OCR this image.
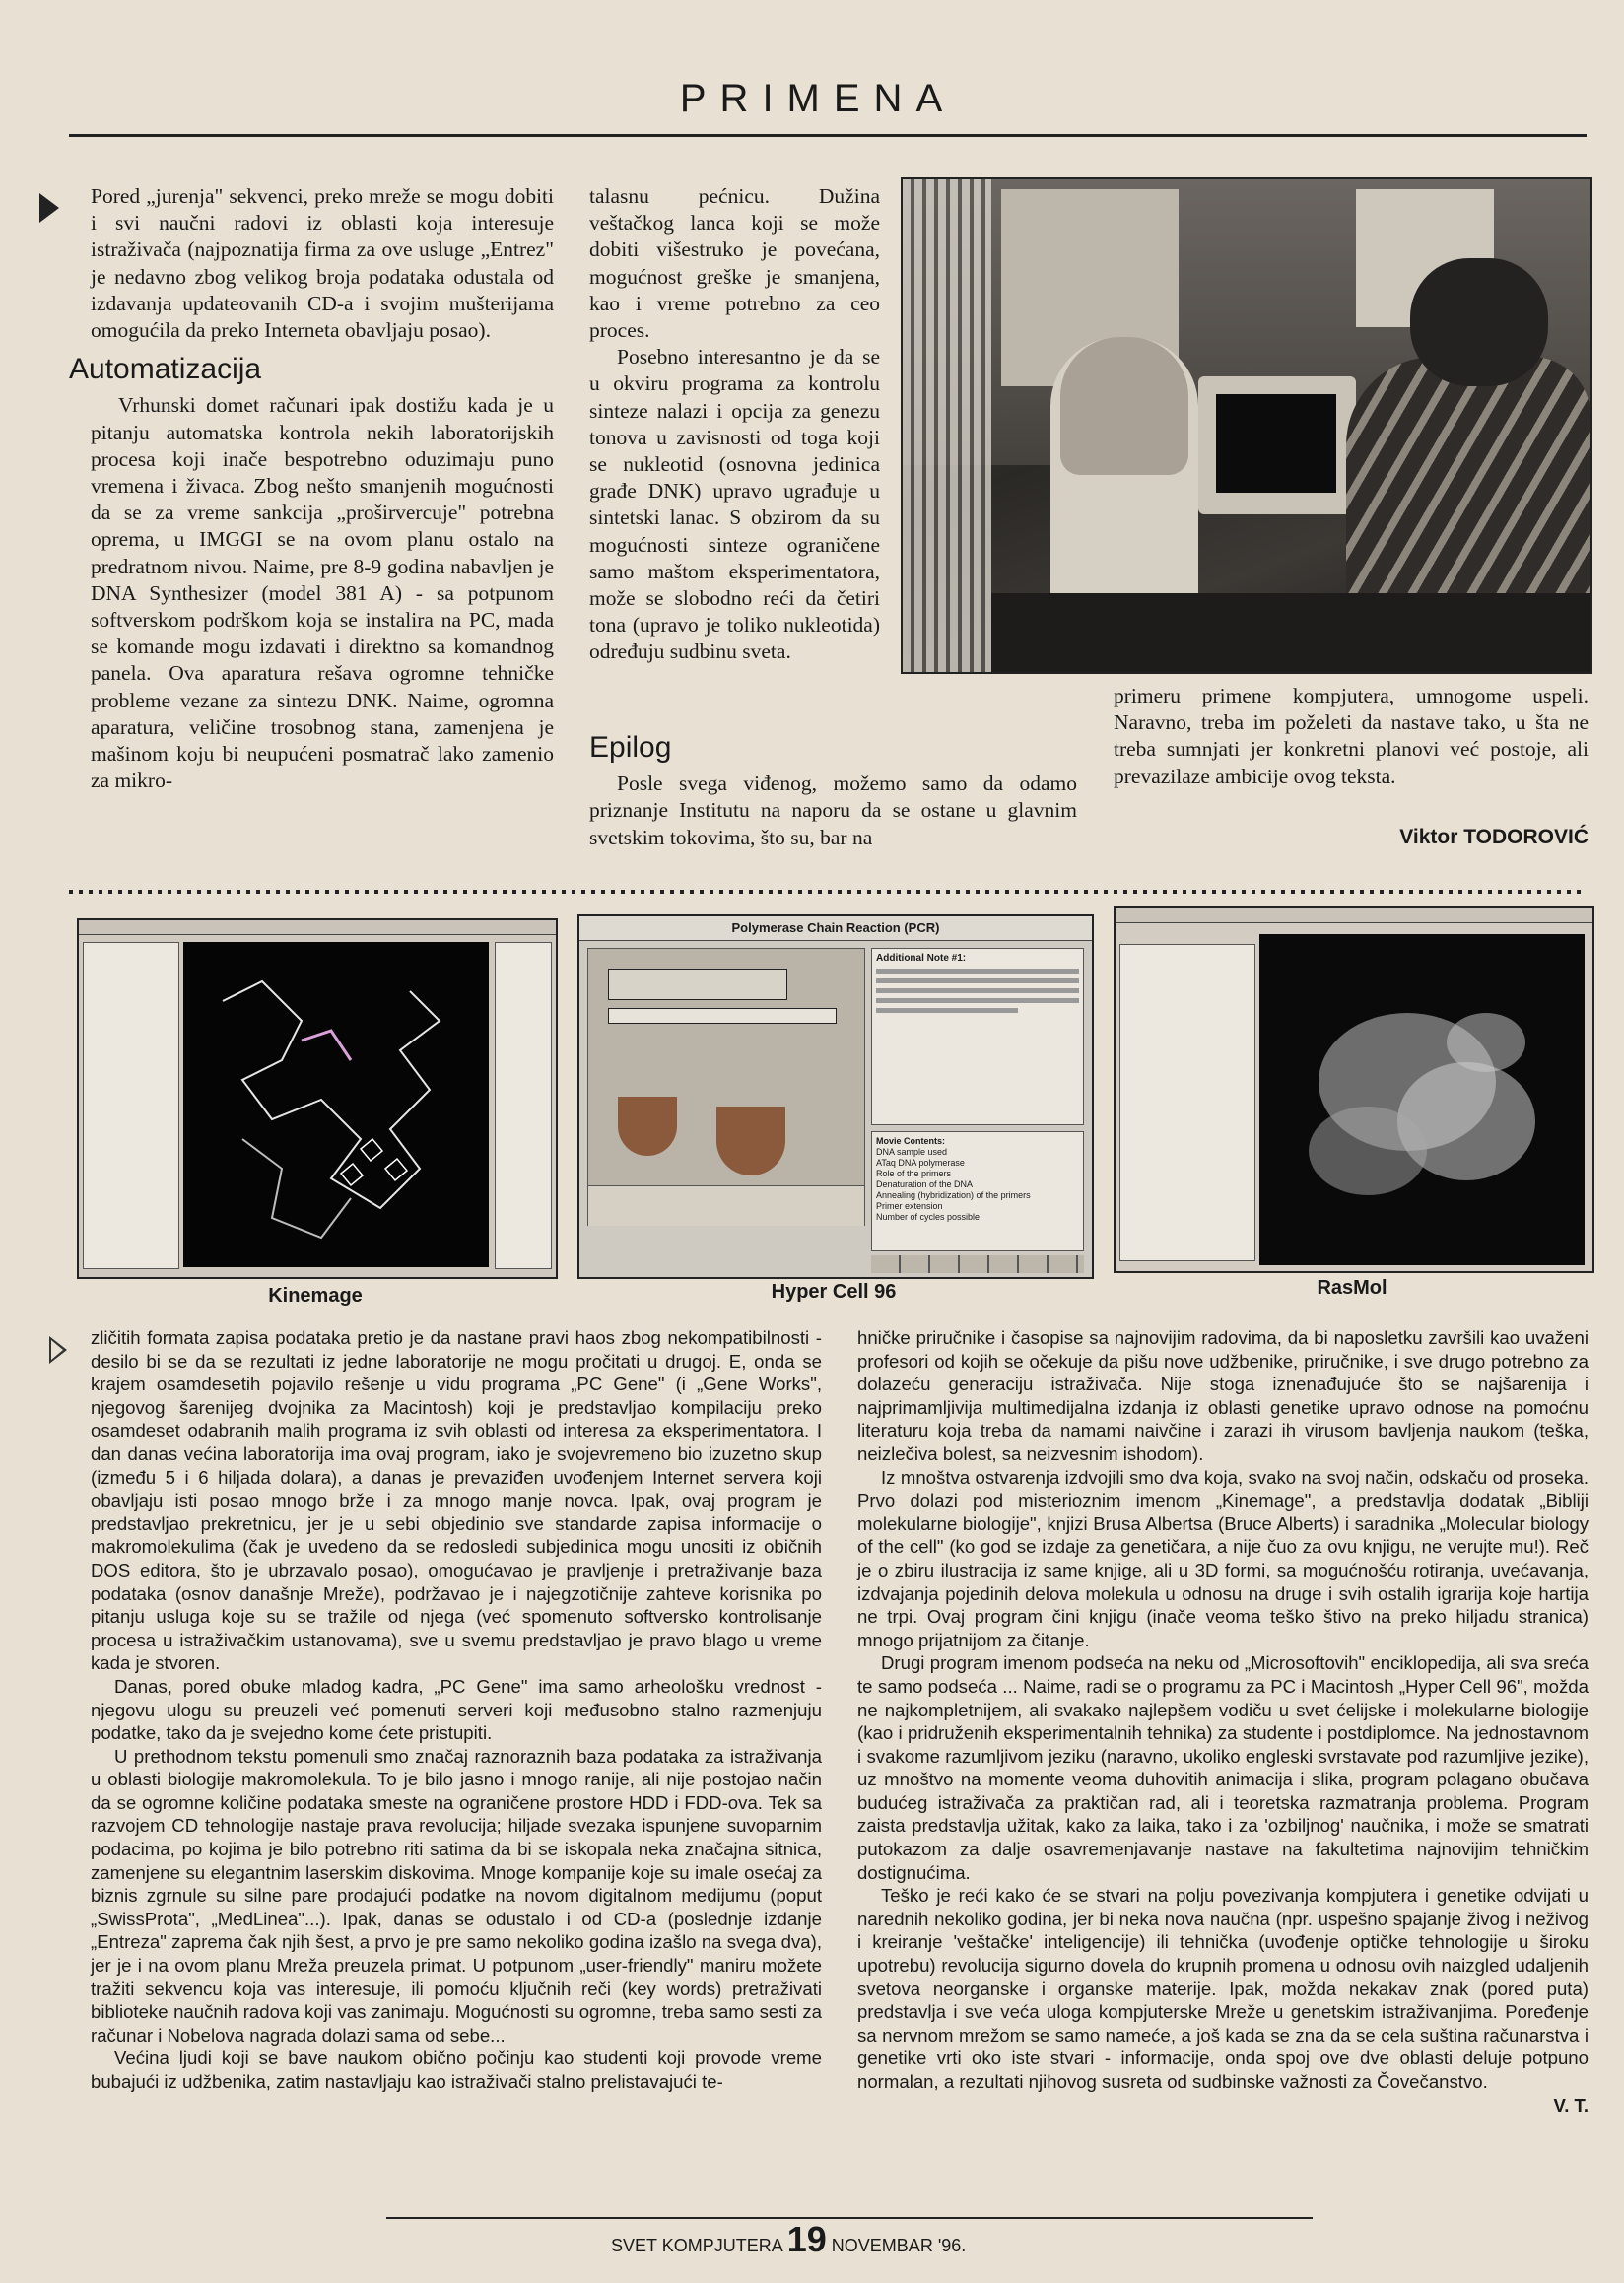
PRIMENA

Pored „jurenja" sekvenci, preko mreže se mogu dobiti i svi naučni radovi iz oblasti koja interesuje istraživača (najpoznatija firma za ove usluge „Entrez" je nedavno zbog velikog broja podataka odustala od izdavanja updateovanih CD-a i svojim mušterijama omogućila da preko Interneta obavljaju posao).

Automatizacija

Vrhunski domet računari ipak dostižu kada je u pitanju automatska kontrola nekih laboratorijskih procesa koji inače bespotrebno oduzimaju puno vremena i živaca. Zbog nešto smanjenih mogućnosti da se za vreme sankcija „proširvercuje" potrebna oprema, u IMGGI se na ovom planu ostalo na predratnom nivou. Naime, pre 8-9 godina nabavljen je DNA Synthesizer (model 381 A) - sa potpunom softverskom podrškom koja se instalira na PC, mada se komande mogu izdavati i direktno sa komandnog panela. Ova aparatura rešava ogromne tehničke probleme vezane za sintezu DNK. Naime, ogromna aparatura, veličine trosobnog stana, zamenjena je mašinom koju bi neupućeni posmatrač lako zamenio za mikro-

talasnu pećnicu. Dužina veštačkog lanca koji se može dobiti višestruko je povećana, mogućnost greške je smanjena, kao i vreme potrebno za ceo proces.

Posebno interesantno je da se u okviru programa za kontrolu sinteze nalazi i opcija za genezu tonova u zavisnosti od toga koji se nukleotid (osnovna jedinica građe DNK) upravo ugrađuje u sintetski lanac. S obzirom da su mogućnosti sinteze ograničene samo maštom eksperimentatora, može se slobodno reći da četiri tona (upravo je toliko nukleotida) određuju sudbinu sveta.

Epilog

Posle svega viđenog, možemo samo da odamo priznanje Institutu na naporu da se ostane u glavnim svetskim tokovima, što su, bar na

primeru primene kompjutera, umnogome uspeli. Naravno, treba im poželeti da nastave tako, u šta ne treba sumnjati jer konkretni planovi već postoje, ali prevazilaze ambicije ovog teksta.

Viktor TODOROVIĆ
Kinemage
Polymerase Chain Reaction (PCR)
Additional Note #1:
Movie Contents:
DNA sample used
ATaq DNA polymerase
Role of the primers
Denaturation of the DNA
Annealing (hybridization) of the primers
Primer extension
Number of cycles possible
Hyper Cell 96	RasMol

zličitih formata zapisa podataka pretio je da nastane pravi haos zbog nekompatibilnosti - desilo bi se da se rezultati iz jedne laboratorije ne mogu pročitati u drugoj. E, onda se krajem osamdesetih pojavilo rešenje u vidu programa „PC Gene" (i „Gene Works", njegovog šarenijeg dvojnika za Macintosh) koji je predstavljao kompilaciju preko osamdeset odabranih malih programa iz svih oblasti od interesa za eksperimentatora. I dan danas većina laboratorija ima ovaj program, iako je svojevremeno bio izuzetno skup (između 5 i 6 hiljada dolara), a danas je prevaziđen uvođenjem Internet servera koji obavljaju isti posao mnogo brže i za mnogo manje novca. Ipak, ovaj program je predstavljao prekretnicu, jer je u sebi objedinio sve standarde zapisa informacije o makromolekulima (čak je uvedeno da se redosledi subjedinica mogu unositi iz običnih DOS editora, što je ubrzavalo posao), omogućavao je pravljenje i pretraživanje baza podataka (osnov današnje Mreže), podržavao je i najegzotičnije zahteve korisnika po pitanju usluga koje su se tražile od njega (već spomenuto softversko kontrolisanje procesa u istraživačkim ustanovama), sve u svemu predstavljao je pravo blago u vreme kada je stvoren.

Danas, pored obuke mladog kadra, „PC Gene" ima samo arheološku vrednost - njegovu ulogu su preuzeli već pomenuti serveri koji međusobno stalno razmenjuju podatke, tako da je svejedno kome ćete pristupiti.

U prethodnom tekstu pomenuli smo značaj raznoraznih baza podataka za istraživanja u oblasti biologije makromolekula. To je bilo jasno i mnogo ranije, ali nije postojao način da se ogromne količine podataka smeste na ograničene prostore HDD i FDD-ova. Tek sa razvojem CD tehnologije nastaje prava revolucija; hiljade svezaka ispunjene suvoparnim podacima, po kojima je bilo potrebno riti satima da bi se iskopala neka značajna sitnica, zamenjene su elegantnim laserskim diskovima. Mnoge kompanije koje su imale osećaj za biznis zgrnule su silne pare prodajući podatke na novom digitalnom medijumu (poput „SwissProta", „MedLinea"...). Ipak, danas se odustalo i od CD-a (poslednje izdanje „Entreza" zaprema čak njih šest, a prvo je pre samo nekoliko godina izašlo na svega dva), jer je i na ovom planu Mreža preuzela primat. U potpunom „user-friendly" maniru možete tražiti sekvencu koja vas interesuje, ili pomoću ključnih reči (key words) pretraživati biblioteke naučnih radova koji vas zanimaju. Mogućnosti su ogromne, treba samo sesti za računar i Nobelova nagrada dolazi sama od sebe...

Većina ljudi koji se bave naukom obično počinju kao studenti koji provode vreme bubajući iz udžbenika, zatim nastavljaju kao istraživači stalno prelistavajući te-

hničke priručnike i časopise sa najnovijim radovima, da bi naposletku završili kao uvaženi profesori od kojih se očekuje da pišu nove udžbenike, priručnike, i sve drugo potrebno za dolazeću generaciju istraživača. Nije stoga iznenađujuće što se najšarenija i najprimamljivija multimedijalna izdanja iz oblasti genetike upravo odnose na pomoćnu literaturu koja treba da namami naivčine i zarazi ih virusom bavljenja naukom (teška, neizlečiva bolest, sa neizvesnim ishodom).

Iz mnoštva ostvarenja izdvojili smo dva koja, svako na svoj način, odskaču od proseka. Prvo dolazi pod misterioznim imenom „Kinemage", a predstavlja dodatak „Bibliji molekularne biologije", knjizi Brusa Albertsa (Bruce Alberts) i saradnika „Molecular biology of the cell" (ko god se izdaje za genetičara, a nije čuo za ovu knjigu, ne verujte mu!). Reč je o zbiru ilustracija iz same knjige, ali u 3D formi, sa mogućnošću rotiranja, uvećavanja, izdvajanja pojedinih delova molekula u odnosu na druge i svih ostalih igrarija koje hartija ne trpi. Ovaj program čini knjigu (inače veoma teško štivo na preko hiljadu stranica) mnogo prijatnijom za čitanje.

Drugi program imenom podseća na neku od „Microsoftovih" enciklopedija, ali sva sreća te samo podseća ... Naime, radi se o programu za PC i Macintosh „Hyper Cell 96", možda ne najkompletnijem, ali svakako najlepšem vodiču u svet ćelijske i molekularne biologije (kao i pridruženih eksperimentalnih tehnika) za studente i postdiplomce. Na jednostavnom i svakome razumljivom jeziku (naravno, ukoliko engleski svrstavate pod razumljive jezike), uz mnoštvo na momente veoma duhovitih animacija i slika, program polagano obučava budućeg istraživača za praktičan rad, ali i teoretska razmatranja problema. Program zaista predstavlja užitak, kako za laika, tako i za 'ozbiljnog' naučnika, i može se smatrati putokazom za dalje osavremenjavanje nastave na fakultetima najnovijim tehničkim dostignućima.

Teško je reći kako će se stvari na polju povezivanja kompjutera i genetike odvijati u narednih nekoliko godina, jer bi neka nova naučna (npr. uspešno spajanje živog i neživog i kreiranje 'veštačke' inteligencije) ili tehnička (uvođenje optičke tehnologije u široku upotrebu) revolucija sigurno dovela do krupnih promena u odnosu ovih naizgled udaljenih svetova neorganske i organske materije. Ipak, možda nekakav znak (pored puta) predstavlja i sve veća uloga kompjuterske Mreže u genetskim istraživanjima. Poređenje sa nervnom mrežom se samo nameće, a još kada se zna da se cela suština računarstva i genetike vrti oko iste stvari - informacije, onda spoj ove dve oblasti deluje potpuno normalan, a rezultati njihovog susreta od sudbinske važnosti za Čovečanstvo.

V. T.
SVET KOMPJUTERA 19 NOVEMBAR '96.
